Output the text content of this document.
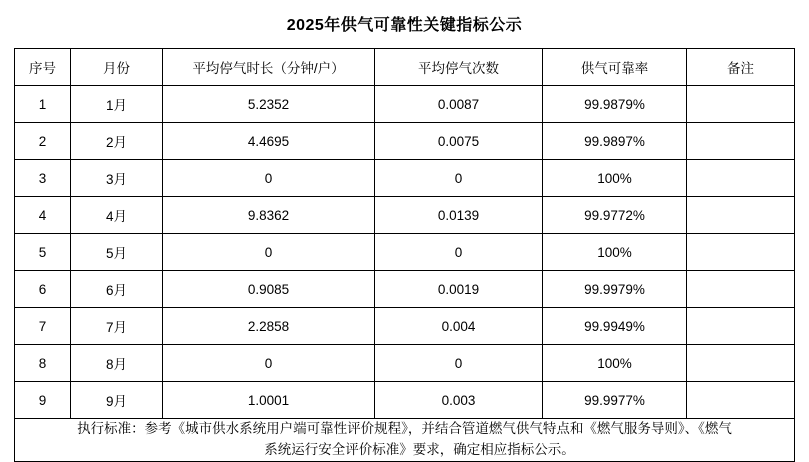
2025年供气可靠性关键指标公示
序号	月份	平均停气时长（分钟/户）	平均停气次数	供气可靠率	备注
1	1月	5.2352	0.0087	99.9879%	
2	2月	4.4695	0.0075	99.9897%	
3	3月	0	0	100%	
4	4月	9.8362	0.0139	99.9772%	
5	5月	0	0	100%	
6	6月	0.9085	0.0019	99.9979%	
7	7月	2.2858	0.004	99.9949%	
8	8月	0	0	100%	
9	9月	1.0001	0.003	99.9977%	
执行标准：参考《城市供水系统用户端可靠性评价规程》，并结合管道燃气供气特点和《燃气服务导则》、《燃气
系统运行安全评价标准》要求，确定相应指标公示。					
